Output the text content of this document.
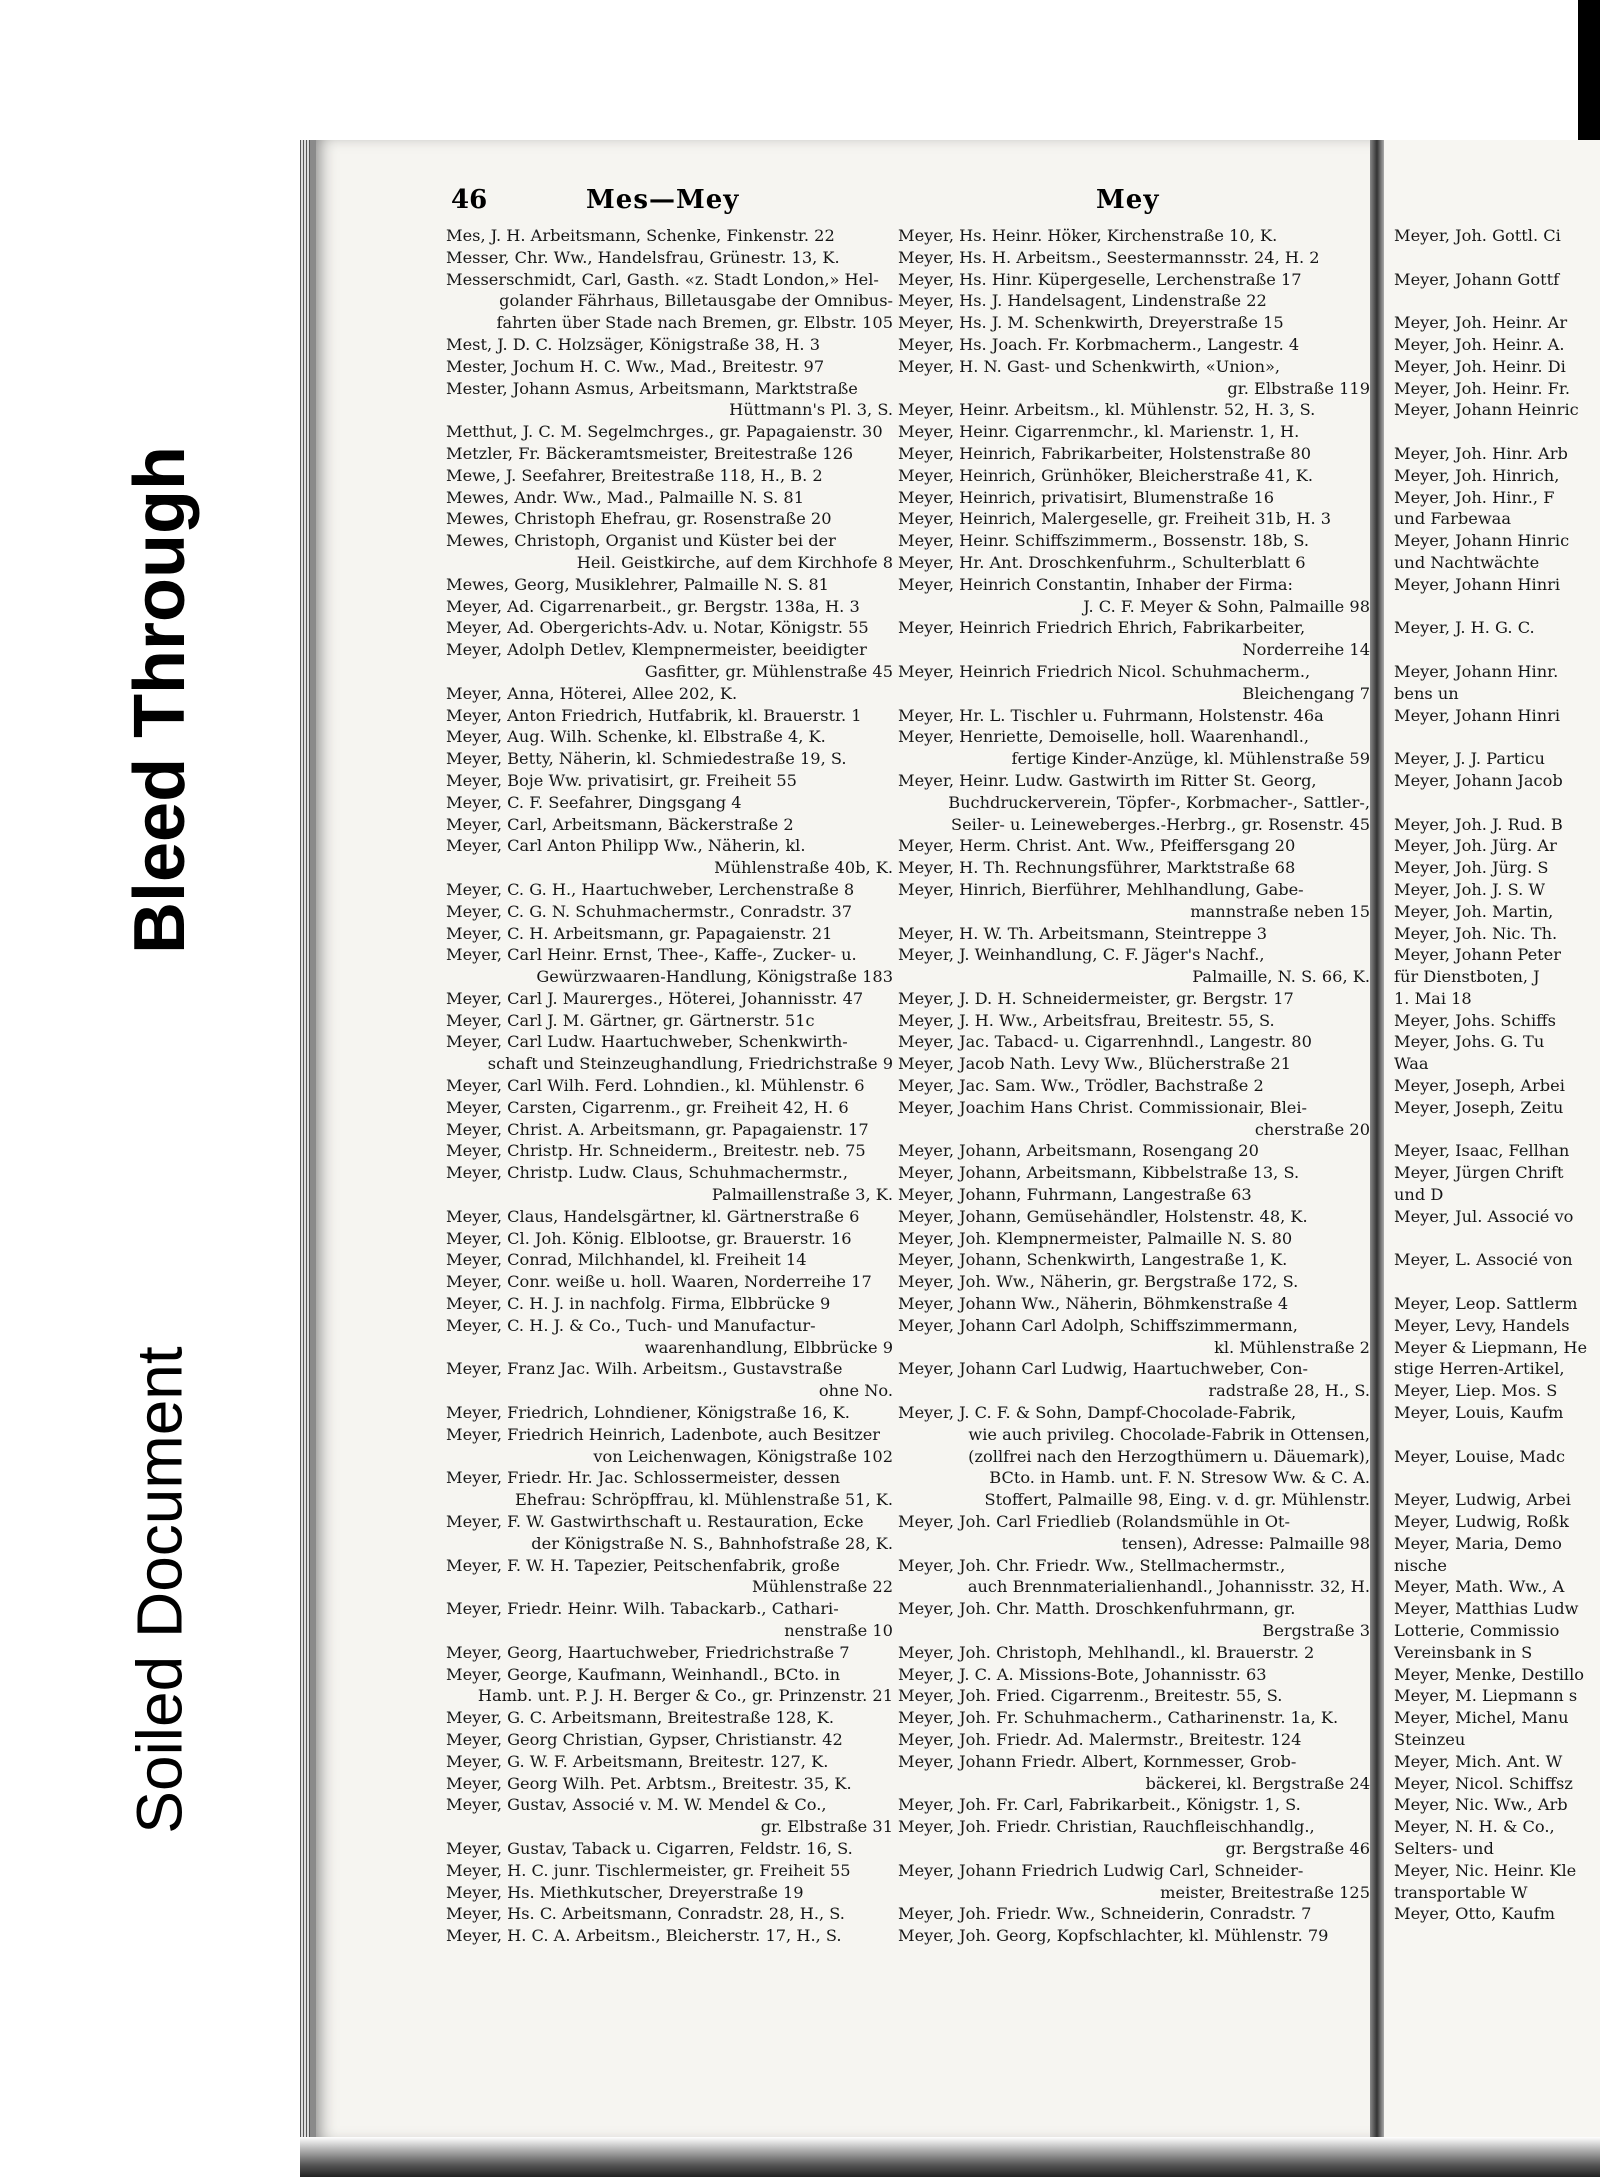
Bleed Through
Soiled Document
46	Mes—Mey	Mey
Mes, J. H. Arbeitsmann, Schenke, Finkenstr. 22
Messer, Chr. Ww., Handelsfrau, Grünestr. 13, K.
Messerschmidt, Carl, Gasth. «z. Stadt London,» Hel-
golander Fährhaus, Billetausgabe der Omnibus-
fahrten über Stade nach Bremen, gr. Elbstr. 105
Mest, J. D. C. Holzsäger, Königstraße 38, H. 3
Mester, Jochum H. C. Ww., Mad., Breitestr. 97
Mester, Johann Asmus, Arbeitsmann, Marktstraße
Hüttmann's Pl. 3, S.
Metthut, J. C. M. Segelmchrges., gr. Papagaienstr. 30
Metzler, Fr. Bäckeramtsmeister, Breitestraße 126
Mewe, J. Seefahrer, Breitestraße 118, H., B. 2
Mewes, Andr. Ww., Mad., Palmaille N. S. 81
Mewes, Christoph Ehefrau, gr. Rosenstraße 20
Mewes, Christoph, Organist und Küster bei der
Heil. Geistkirche, auf dem Kirchhofe 8
Mewes, Georg, Musiklehrer, Palmaille N. S. 81
Meyer, Ad. Cigarrenarbeit., gr. Bergstr. 138a, H. 3
Meyer, Ad. Obergerichts-Adv. u. Notar, Königstr. 55
Meyer, Adolph Detlev, Klempnermeister, beeidigter
Gasfitter, gr. Mühlenstraße 45
Meyer, Anna, Höterei, Allee 202, K.
Meyer, Anton Friedrich, Hutfabrik, kl. Brauerstr. 1
Meyer, Aug. Wilh. Schenke, kl. Elbstraße 4, K.
Meyer, Betty, Näherin, kl. Schmiedestraße 19, S.
Meyer, Boje Ww. privatisirt, gr. Freiheit 55
Meyer, C. F. Seefahrer, Dingsgang 4
Meyer, Carl, Arbeitsmann, Bäckerstraße 2
Meyer, Carl Anton Philipp Ww., Näherin, kl.
Mühlenstraße 40b, K.
Meyer, C. G. H., Haartuchweber, Lerchenstraße 8
Meyer, C. G. N. Schuhmachermstr., Conradstr. 37
Meyer, C. H. Arbeitsmann, gr. Papagaienstr. 21
Meyer, Carl Heinr. Ernst, Thee-, Kaffe-, Zucker- u.
Gewürzwaaren-Handlung, Königstraße 183
Meyer, Carl J. Maurerges., Höterei, Johannisstr. 47
Meyer, Carl J. M. Gärtner, gr. Gärtnerstr. 51c
Meyer, Carl Ludw. Haartuchweber, Schenkwirth-
schaft und Steinzeughandlung, Friedrichstraße 9
Meyer, Carl Wilh. Ferd. Lohndien., kl. Mühlenstr. 6
Meyer, Carsten, Cigarrenm., gr. Freiheit 42, H. 6
Meyer, Christ. A. Arbeitsmann, gr. Papagaienstr. 17
Meyer, Christp. Hr. Schneiderm., Breitestr. neb. 75
Meyer, Christp. Ludw. Claus, Schuhmachermstr.,
Palmaillenstraße 3, K.
Meyer, Claus, Handelsgärtner, kl. Gärtnerstraße 6
Meyer, Cl. Joh. König. Elblootse, gr. Brauerstr. 16
Meyer, Conrad, Milchhandel, kl. Freiheit 14
Meyer, Conr. weiße u. holl. Waaren, Norderreihe 17
Meyer, C. H. J. in nachfolg. Firma, Elbbrücke 9
Meyer, C. H. J. & Co., Tuch- und Manufactur-
waarenhandlung, Elbbrücke 9
Meyer, Franz Jac. Wilh. Arbeitsm., Gustavstraße
ohne No.
Meyer, Friedrich, Lohndiener, Königstraße 16, K.
Meyer, Friedrich Heinrich, Ladenbote, auch Besitzer
von Leichenwagen, Königstraße 102
Meyer, Friedr. Hr. Jac. Schlossermeister, dessen
Ehefrau: Schröpffrau, kl. Mühlenstraße 51, K.
Meyer, F. W. Gastwirthschaft u. Restauration, Ecke
der Königstraße N. S., Bahnhofstraße 28, K.
Meyer, F. W. H. Tapezier, Peitschenfabrik, große
Mühlenstraße 22
Meyer, Friedr. Heinr. Wilh. Tabackarb., Cathari-
nenstraße 10
Meyer, Georg, Haartuchweber, Friedrichstraße 7
Meyer, George, Kaufmann, Weinhandl., BCto. in
Hamb. unt. P. J. H. Berger & Co., gr. Prinzenstr. 21
Meyer, G. C. Arbeitsmann, Breitestraße 128, K.
Meyer, Georg Christian, Gypser, Christianstr. 42
Meyer, G. W. F. Arbeitsmann, Breitestr. 127, K.
Meyer, Georg Wilh. Pet. Arbtsm., Breitestr. 35, K.
Meyer, Gustav, Associé v. M. W. Mendel & Co.,
gr. Elbstraße 31
Meyer, Gustav, Taback u. Cigarren, Feldstr. 16, S.
Meyer, H. C. junr. Tischlermeister, gr. Freiheit 55
Meyer, Hs. Miethkutscher, Dreyerstraße 19
Meyer, Hs. C. Arbeitsmann, Conradstr. 28, H., S.
Meyer, H. C. A. Arbeitsm., Bleicherstr. 17, H., S.
Meyer, Hs. Heinr. Höker, Kirchenstraße 10, K.
Meyer, Hs. H. Arbeitsm., Seestermannsstr. 24, H. 2
Meyer, Hs. Hinr. Küpergeselle, Lerchenstraße 17
Meyer, Hs. J. Handelsagent, Lindenstraße 22
Meyer, Hs. J. M. Schenkwirth, Dreyerstraße 15
Meyer, Hs. Joach. Fr. Korbmacherm., Langestr. 4
Meyer, H. N. Gast- und Schenkwirth, «Union»,
gr. Elbstraße 119
Meyer, Heinr. Arbeitsm., kl. Mühlenstr. 52, H. 3, S.
Meyer, Heinr. Cigarrenmchr., kl. Marienstr. 1, H.
Meyer, Heinrich, Fabrikarbeiter, Holstenstraße 80
Meyer, Heinrich, Grünhöker, Bleicherstraße 41, K.
Meyer, Heinrich, privatisirt, Blumenstraße 16
Meyer, Heinrich, Malergeselle, gr. Freiheit 31b, H. 3
Meyer, Heinr. Schiffszimmerm., Bossenstr. 18b, S.
Meyer, Hr. Ant. Droschkenfuhrm., Schulterblatt 6
Meyer, Heinrich Constantin, Inhaber der Firma:
J. C. F. Meyer & Sohn, Palmaille 98
Meyer, Heinrich Friedrich Ehrich, Fabrikarbeiter,
Norderreihe 14
Meyer, Heinrich Friedrich Nicol. Schuhmacherm.,
Bleichengang 7
Meyer, Hr. L. Tischler u. Fuhrmann, Holstenstr. 46a
Meyer, Henriette, Demoiselle, holl. Waarenhandl.,
fertige Kinder-Anzüge, kl. Mühlenstraße 59
Meyer, Heinr. Ludw. Gastwirth im Ritter St. Georg,
Buchdruckerverein, Töpfer-, Korbmacher-, Sattler-,
Seiler- u. Leineweberges.-Herbrg., gr. Rosenstr. 45
Meyer, Herm. Christ. Ant. Ww., Pfeiffersgang 20
Meyer, H. Th. Rechnungsführer, Marktstraße 68
Meyer, Hinrich, Bierführer, Mehlhandlung, Gabe-
mannstraße neben 15
Meyer, H. W. Th. Arbeitsmann, Steintreppe 3
Meyer, J. Weinhandlung, C. F. Jäger's Nachf.,
Palmaille, N. S. 66, K.
Meyer, J. D. H. Schneidermeister, gr. Bergstr. 17
Meyer, J. H. Ww., Arbeitsfrau, Breitestr. 55, S.
Meyer, Jac. Tabacd- u. Cigarrenhndl., Langestr. 80
Meyer, Jacob Nath. Levy Ww., Blücherstraße 21
Meyer, Jac. Sam. Ww., Trödler, Bachstraße 2
Meyer, Joachim Hans Christ. Commissionair, Blei-
cherstraße 20
Meyer, Johann, Arbeitsmann, Rosengang 20
Meyer, Johann, Arbeitsmann, Kibbelstraße 13, S.
Meyer, Johann, Fuhrmann, Langestraße 63
Meyer, Johann, Gemüsehändler, Holstenstr. 48, K.
Meyer, Joh. Klempnermeister, Palmaille N. S. 80
Meyer, Johann, Schenkwirth, Langestraße 1, K.
Meyer, Joh. Ww., Näherin, gr. Bergstraße 172, S.
Meyer, Johann Ww., Näherin, Böhmkenstraße 4
Meyer, Johann Carl Adolph, Schiffszimmermann,
kl. Mühlenstraße 2
Meyer, Johann Carl Ludwig, Haartuchweber, Con-
radstraße 28, H., S.
Meyer, J. C. F. & Sohn, Dampf-Chocolade-Fabrik,
wie auch privileg. Chocolade-Fabrik in Ottensen,
(zollfrei nach den Herzogthümern u. Däuemark),
BCto. in Hamb. unt. F. N. Stresow Ww. & C. A.
Stoffert, Palmaille 98, Eing. v. d. gr. Mühlenstr.
Meyer, Joh. Carl Friedlieb (Rolandsmühle in Ot-
tensen), Adresse: Palmaille 98
Meyer, Joh. Chr. Friedr. Ww., Stellmachermstr.,
auch Brennmaterialienhandl., Johannisstr. 32, H.
Meyer, Joh. Chr. Matth. Droschkenfuhrmann, gr.
Bergstraße 3
Meyer, Joh. Christoph, Mehlhandl., kl. Brauerstr. 2
Meyer, J. C. A. Missions-Bote, Johannisstr. 63
Meyer, Joh. Fried. Cigarrenm., Breitestr. 55, S.
Meyer, Joh. Fr. Schuhmacherm., Catharinenstr. 1a, K.
Meyer, Joh. Friedr. Ad. Malermstr., Breitestr. 124
Meyer, Johann Friedr. Albert, Kornmesser, Grob-
bäckerei, kl. Bergstraße 24
Meyer, Joh. Fr. Carl, Fabrikarbeit., Königstr. 1, S.
Meyer, Joh. Friedr. Christian, Rauchfleischhandlg.,
gr. Bergstraße 46
Meyer, Johann Friedrich Ludwig Carl, Schneider-
meister, Breitestraße 125
Meyer, Joh. Friedr. Ww., Schneiderin, Conradstr. 7
Meyer, Joh. Georg, Kopfschlachter, kl. Mühlenstr. 79
Meyer, Joh. Gottl. Ci
Meyer, Johann Gottf
Meyer, Joh. Heinr. Ar
Meyer, Joh. Heinr. A.
Meyer, Joh. Heinr. Di
Meyer, Joh. Heinr. Fr.
Meyer, Johann Heinric
Meyer, Joh. Hinr. Arb
Meyer, Joh. Hinrich,
Meyer, Joh. Hinr., F
und Farbewaa
Meyer, Johann Hinric
und Nachtwächte
Meyer, Johann Hinri
Meyer, J. H. G. C.
Meyer, Johann Hinr.
bens un
Meyer, Johann Hinri
Meyer, J. J. Particu
Meyer, Johann Jacob
Meyer, Joh. J. Rud. B
Meyer, Joh. Jürg. Ar
Meyer, Joh. Jürg. S
Meyer, Joh. J. S. W
Meyer, Joh. Martin,
Meyer, Joh. Nic. Th.
Meyer, Johann Peter
für Dienstboten, J
1. Mai 18
Meyer, Johs. Schiffs
Meyer, Johs. G. Tu
Waa
Meyer, Joseph, Arbei
Meyer, Joseph, Zeitu
Meyer, Isaac, Fellhan
Meyer, Jürgen Chrift
und D
Meyer, Jul. Associé vo
Meyer, L. Associé von
Meyer, Leop. Sattlerm
Meyer, Levy, Handels
Meyer & Liepmann, He
stige Herren-Artikel,
Meyer, Liep. Mos. S
Meyer, Louis, Kaufm
Meyer, Louise, Madc
Meyer, Ludwig, Arbei
Meyer, Ludwig, Roßk
Meyer, Maria, Demo
nische
Meyer, Math. Ww., A
Meyer, Matthias Ludw
Lotterie, Commissio
Vereinsbank in S
Meyer, Menke, Destillo
Meyer, M. Liepmann s
Meyer, Michel, Manu
Steinzeu
Meyer, Mich. Ant. W
Meyer, Nicol. Schiffsz
Meyer, Nic. Ww., Arb
Meyer, N. H. & Co.,
Selters- und
Meyer, Nic. Heinr. Kle
transportable W
Meyer, Otto, Kaufm
